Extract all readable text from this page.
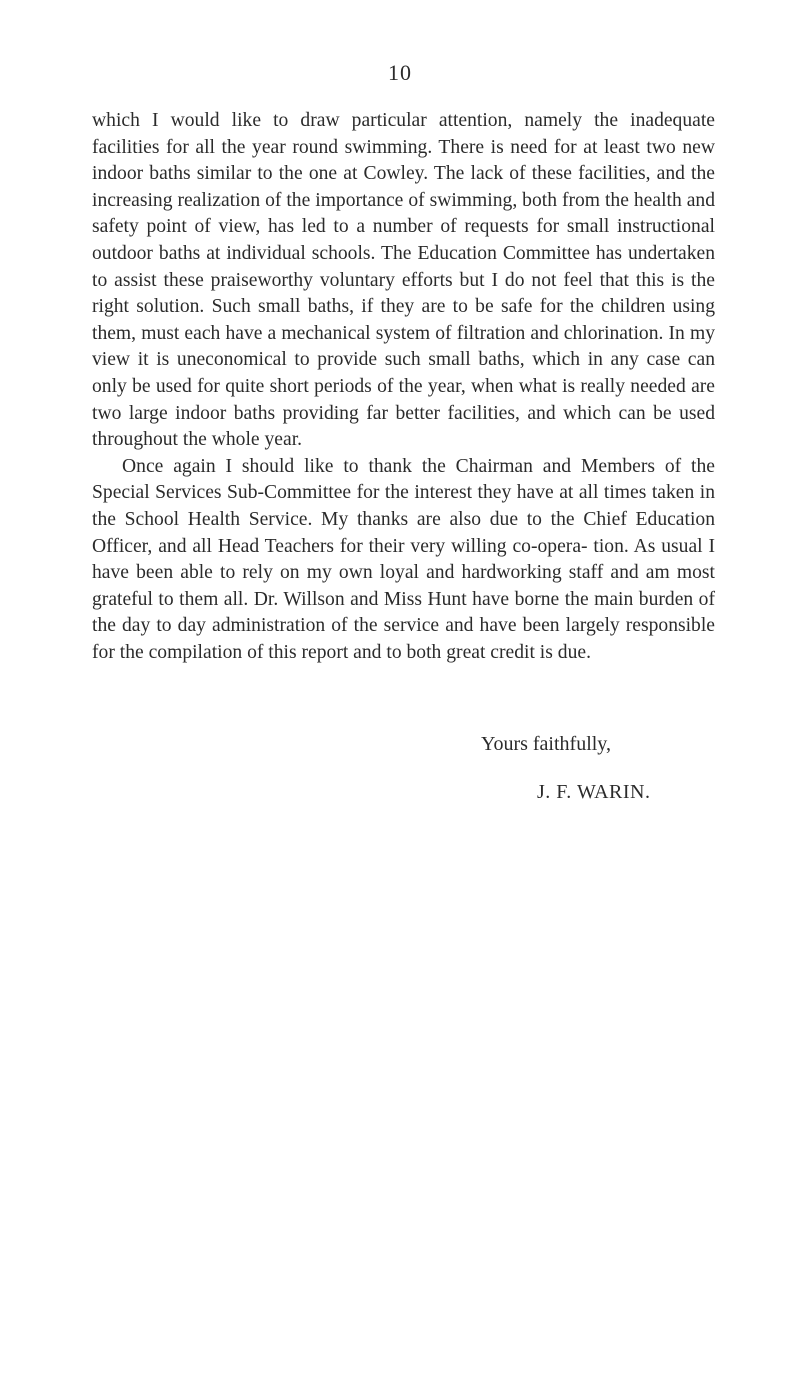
10

which I would like to draw particular attention, namely the inadequate facilities for all the year round swimming. There is need for at least two new indoor baths similar to the one at Cowley. The lack of these facilities, and the increasing realization of the importance of swimming, both from the health and safety point of view, has led to a number of requests for small instructional outdoor baths at individual schools. The Education Committee has undertaken to assist these praiseworthy voluntary efforts but I do not feel that this is the right solution. Such small baths, if they are to be safe for the children using them, must each have a mechanical system of filtration and chlorination. In my view it is uneconomical to provide such small baths, which in any case can only be used for quite short periods of the year, when what is really needed are two large indoor baths providing far better facilities, and which can be used throughout the whole year.

Once again I should like to thank the Chairman and Members of the Special Services Sub-Committee for the interest they have at all times taken in the School Health Service. My thanks are also due to the Chief Education Officer, and all Head Teachers for their very willing co-opera- tion. As usual I have been able to rely on my own loyal and hardworking staff and am most grateful to them all. Dr. Willson and Miss Hunt have borne the main burden of the day to day administration of the service and have been largely responsible for the compilation of this report and to both great credit is due.

Yours faithfully,
J. F. WARIN.
